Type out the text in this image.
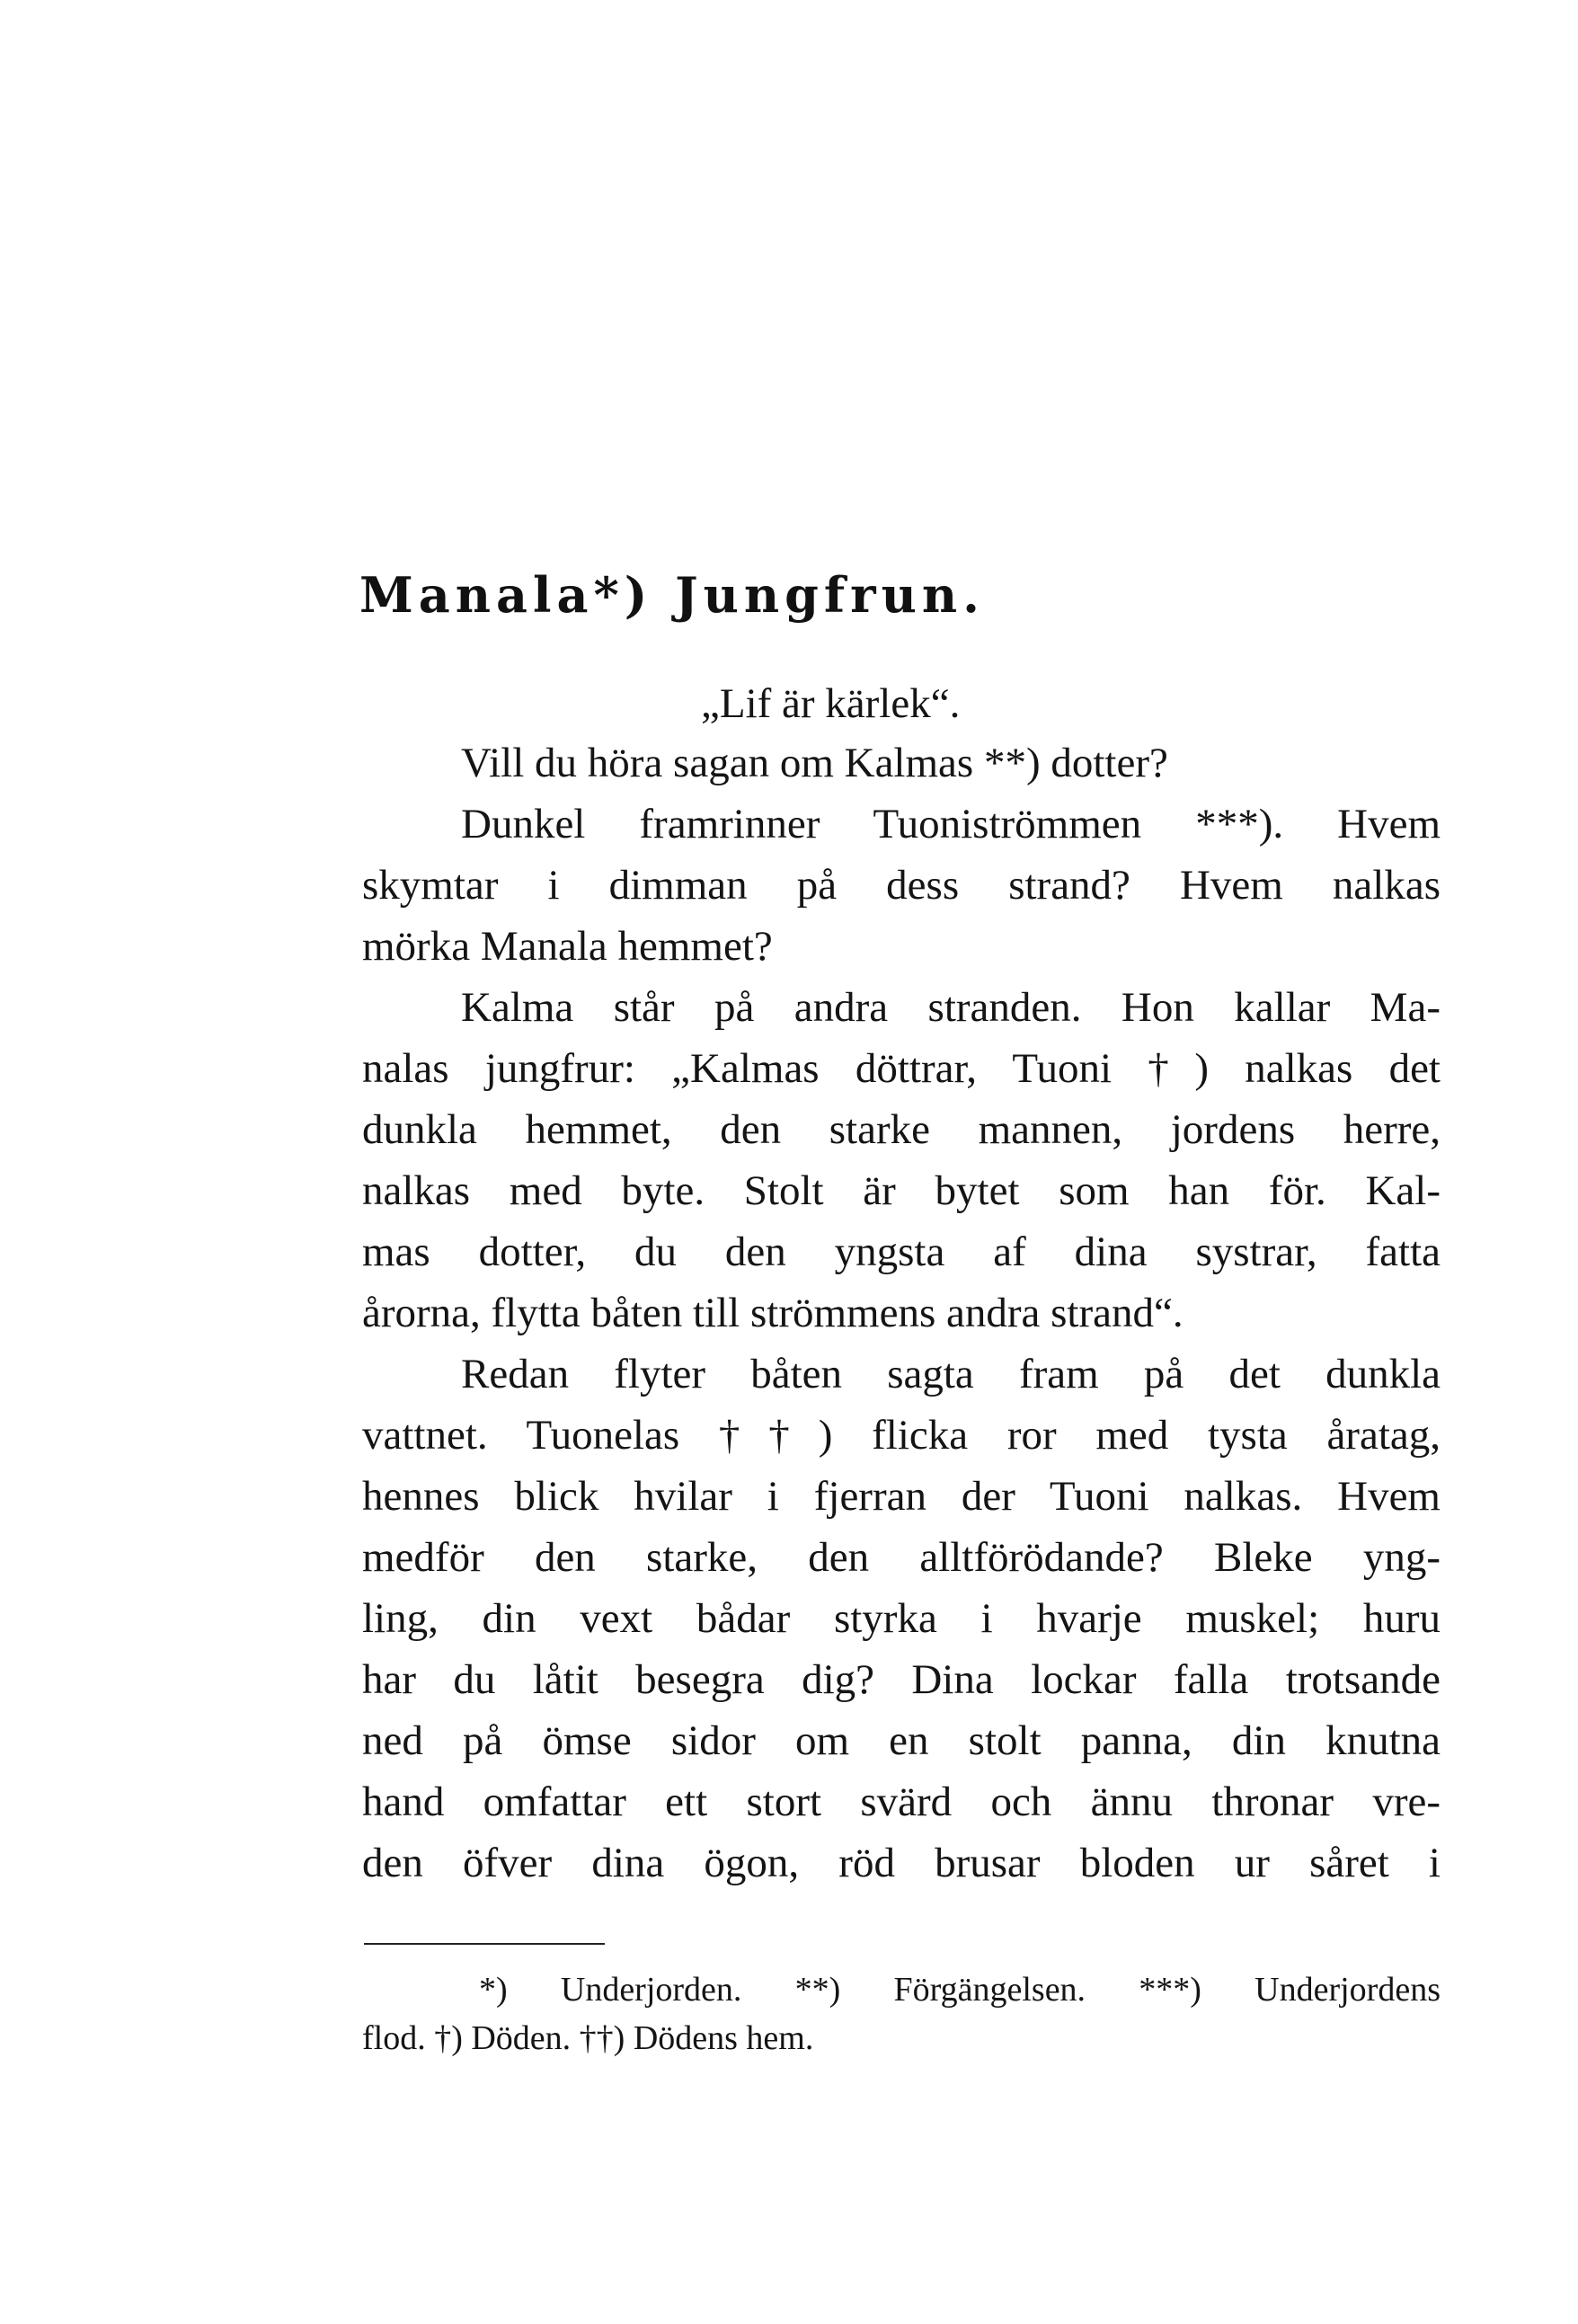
Manala*) Jungfrun.

„Lif är kärlek“.

Vill du höra sagan om Kalmas **) dotter?

Dunkel framrinner Tuoniströmmen ***). Hvem

skymtar i dimman på dess strand? Hvem nalkas

mörka Manala hemmet?

Kalma står på andra stranden. Hon kallar Ma-

nalas jungfrur: „Kalmas döttrar, Tuoni †) nalkas det

dunkla hemmet, den starke mannen, jordens herre,

nalkas med byte. Stolt är bytet som han för. Kal-

mas dotter, du den yngsta af dina systrar, fatta

årorna, flytta båten till strömmens andra strand“.

Redan flyter båten sagta fram på det dunkla

vattnet. Tuonelas ††) flicka ror med tysta åratag,

hennes blick hvilar i fjerran der Tuoni nalkas. Hvem

medför den starke, den alltförödande? Bleke yng-

ling, din vext bådar styrka i hvarje muskel; huru

har du låtit besegra dig? Dina lockar falla trotsande

ned på ömse sidor om en stolt panna, din knutna

hand omfattar ett stort svärd och ännu thronar vre-

den öfver dina ögon, röd brusar bloden ur såret i

*) Underjorden. **) Förgängelsen. ***) Underjordens

flod. †) Döden. ††) Dödens hem.
